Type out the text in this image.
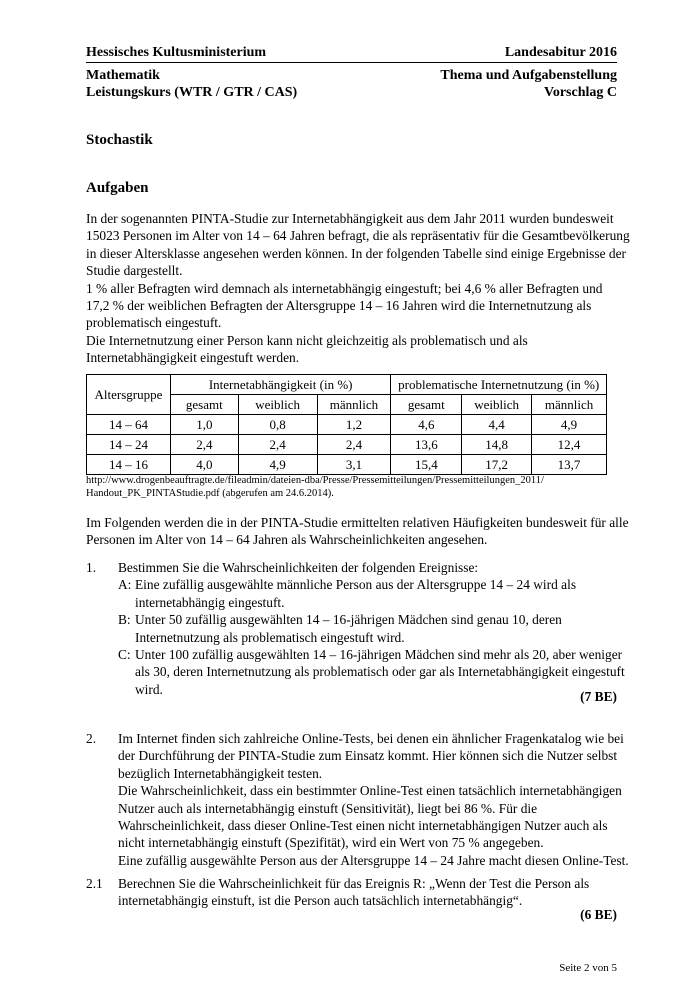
Hessisches Kultusministerium	Landesabitur 2016
Mathematik	Thema und Aufgabenstellung
Leistungskurs (WTR / GTR / CAS)	Vorschlag C
Stochastik
Aufgaben
In der sogenannten PINTA-Studie zur Internetabhängigkeit aus dem Jahr 2011 wurden bundesweit
15023 Personen im Alter von 14 – 64 Jahren befragt, die als repräsentativ für die Gesamtbevölkerung
in dieser Altersklasse angesehen werden können. In der folgenden Tabelle sind einige Ergebnisse der
Studie dargestellt.
1 % aller Befragten wird demnach als internetabhängig eingestuft; bei 4,6 % aller Befragten und
17,2 % der weiblichen Befragten der Altersgruppe 14 – 16 Jahren wird die Internetnutzung als
problematisch eingestuft.
Die Internetnutzung einer Person kann nicht gleichzeitig als problematisch und als
Internetabhängigkeit eingestuft werden.
Altersgruppe	Internetabhängigkeit (in %)			problematische Internetnutzung (in %)		
	gesamt	weiblich	männlich	gesamt	weiblich	männlich
14 – 64	1,0	0,8	1,2	4,6	4,4	4,9
14 – 24	2,4	2,4	2,4	13,6	14,8	12,4
14 – 16	4,0	4,9	3,1	15,4	17,2	13,7
http://www.drogenbeauftragte.de/fileadmin/dateien-dba/Presse/Pressemitteilungen/Pressemitteilungen_2011/
Handout_PK_PINTAStudie.pdf (abgerufen am 24.6.2014).
Im Folgenden werden die in der PINTA-Studie ermittelten relativen Häufigkeiten bundesweit für alle
Personen im Alter von 14 – 64 Jahren als Wahrscheinlichkeiten angesehen.
1. Bestimmen Sie die Wahrscheinlichkeiten der folgenden Ereignisse:
A: Eine zufällig ausgewählte männliche Person aus der Altersgruppe 14 – 24 wird als
internetabhängig eingestuft.
B: Unter 50 zufällig ausgewählten 14 – 16-jährigen Mädchen sind genau 10, deren
Internetnutzung als problematisch eingestuft wird.
C: Unter 100 zufällig ausgewählten 14 – 16-jährigen Mädchen sind mehr als 20, aber weniger
als 30, deren Internetnutzung als problematisch oder gar als Internetabhängigkeit eingestuft
wird.	(7 BE)
2. Im Internet finden sich zahlreiche Online-Tests, bei denen ein ähnlicher Fragenkatalog wie bei
der Durchführung der PINTA-Studie zum Einsatz kommt. Hier können sich die Nutzer selbst
bezüglich Internetabhängigkeit testen.
Die Wahrscheinlichkeit, dass ein bestimmter Online-Test einen tatsächlich internetabhängigen
Nutzer auch als internetabhängig einstuft (Sensitivität), liegt bei 86 %. Für die
Wahrscheinlichkeit, dass dieser Online-Test einen nicht internetabhängigen Nutzer auch als
nicht internetabhängig einstuft (Spezifität), wird ein Wert von 75 % angegeben.
Eine zufällig ausgewählte Person aus der Altersgruppe 14 – 24 Jahre macht diesen Online-Test.
2.1 Berechnen Sie die Wahrscheinlichkeit für das Ereignis R: „Wenn der Test die Person als
internetabhängig einstuft, ist die Person auch tatsächlich internetabhängig“.
(6 BE)
Seite 2 von 5
